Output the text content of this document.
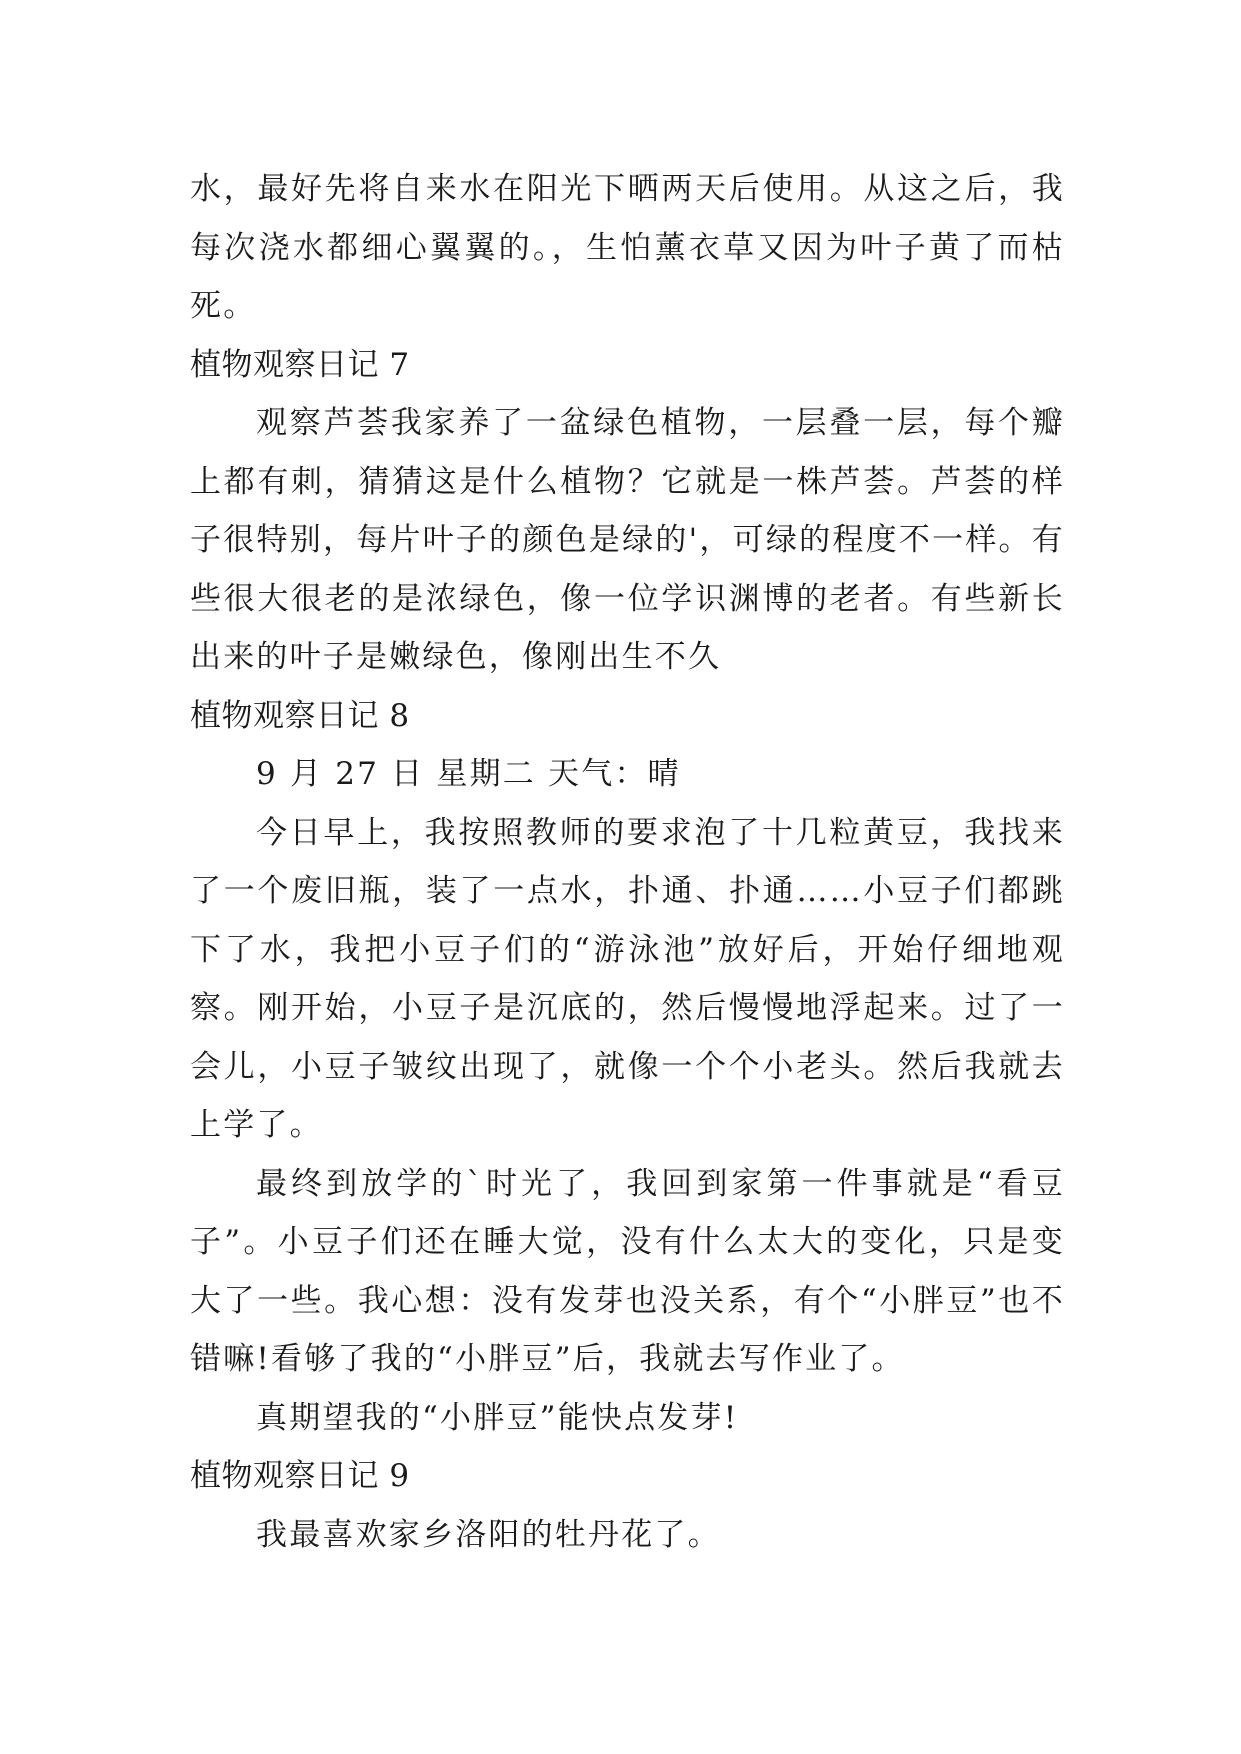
水，最好先将自来水在阳光下晒两天后使用。从这之后，我每次浇水都细心翼翼的。，生怕薰衣草又因为叶子黄了而枯死。

植物观察日记 7

观察芦荟我家养了一盆绿色植物，一层叠一层，每个瓣上都有刺，猜猜这是什么植物？它就是一株芦荟。芦荟的样子很特别，每片叶子的颜色是绿的'，可绿的程度不一样。有些很大很老的是浓绿色，像一位学识渊博的老者。有些新长出来的叶子是嫩绿色，像刚出生不久

植物观察日记 8

9 月 27 日 星期二 天气：晴

今日早上，我按照教师的要求泡了十几粒黄豆，我找来了一个废旧瓶，装了一点水，扑通、扑通……小豆子们都跳下了水，我把小豆子们的“游泳池”放好后，开始仔细地观察。刚开始，小豆子是沉底的，然后慢慢地浮起来。过了一会儿，小豆子皱纹出现了，就像一个个小老头。然后我就去上学了。

最终到放学的`时光了，我回到家第一件事就是“看豆子”。小豆子们还在睡大觉，没有什么太大的变化，只是变大了一些。我心想：没有发芽也没关系，有个“小胖豆”也不错嘛!看够了我的“小胖豆”后，我就去写作业了。

真期望我的“小胖豆”能快点发芽!

植物观察日记 9

我最喜欢家乡洛阳的牡丹花了。
